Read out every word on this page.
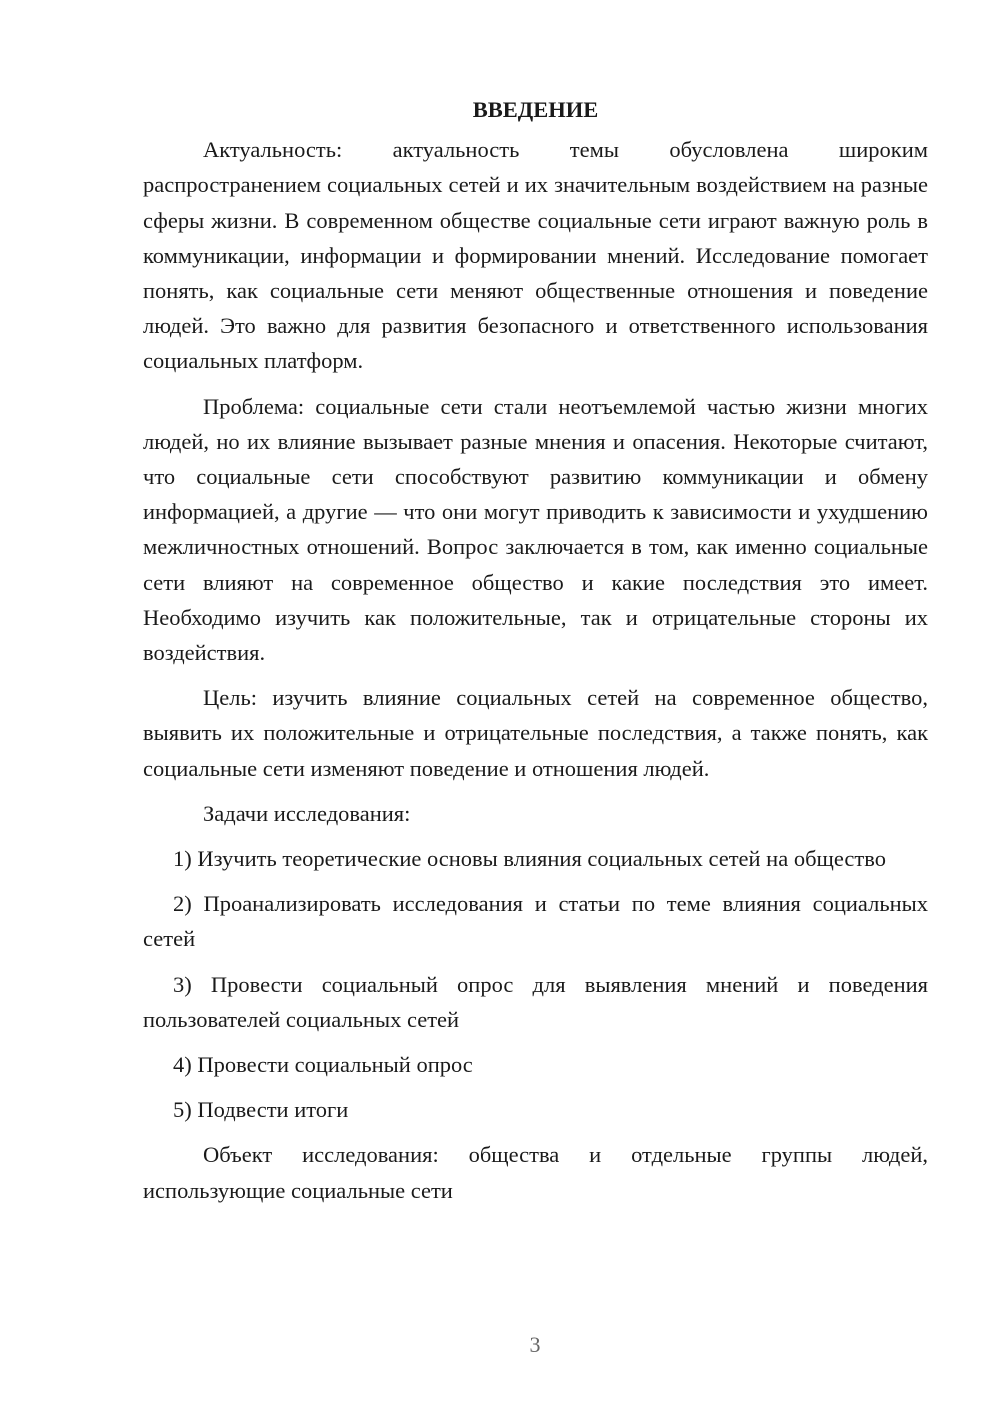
ВВЕДЕНИЕ

Актуальность: актуальность темы обусловлена широким распространением социальных сетей и их значительным воздействием на разные сферы жизни. В современном обществе социальные сети играют важную роль в коммуникации, информации и формировании мнений. Исследование помогает понять, как социальные сети меняют общественные отношения и поведение людей. Это важно для развития безопасного и ответственного использования социальных платформ.

Проблема: социальные сети стали неотъемлемой частью жизни многих людей, но их влияние вызывает разные мнения и опасения. Некоторые считают, что социальные сети способствуют развитию коммуникации и обмену информацией, а другие — что они могут приводить к зависимости и ухудшению межличностных отношений. Вопрос заключается в том, как именно социальные сети влияют на современное общество и какие последствия это имеет. Необходимо изучить как положительные, так и отрицательные стороны их воздействия.

Цель: изучить влияние социальных сетей на современное общество, выявить их положительные и отрицательные последствия, а также понять, как социальные сети изменяют поведение и отношения людей.

Задачи исследования:

1) Изучить теоретические основы влияния социальных сетей на общество

2) Проанализировать исследования и статьи по теме влияния социальных сетей

3) Провести социальный опрос для выявления мнений и поведения пользователей социальных сетей

4) Провести социальный опрос

5) Подвести итоги

Объект исследования: общества и отдельные группы людей, использующие социальные сети

3
